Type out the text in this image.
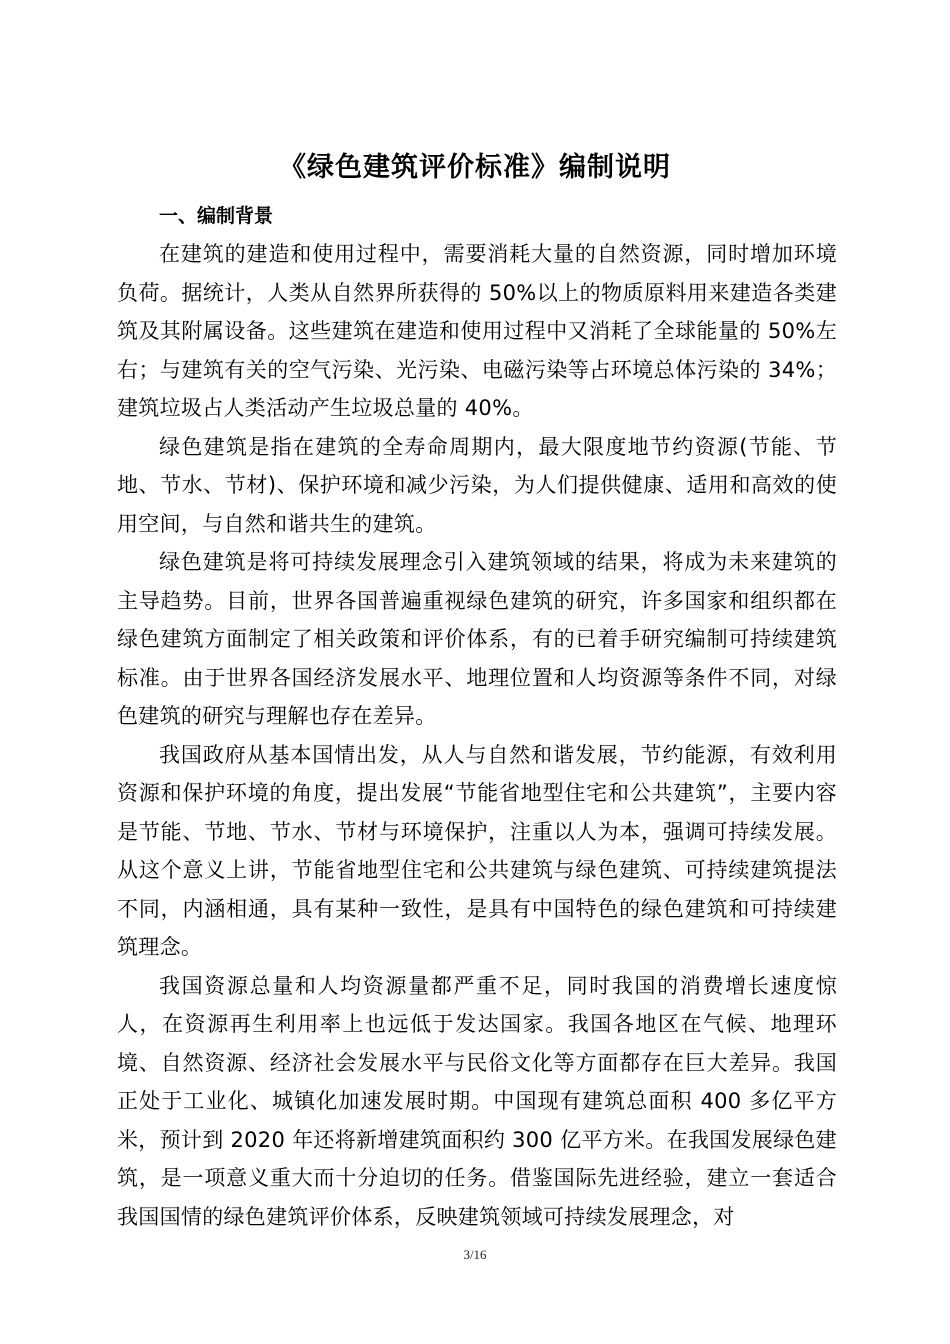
《绿色建筑评价标准》编制说明
一、编制背景

在建筑的建造和使用过程中，需要消耗大量的自然资源，同时增加环境负荷。据统计，人类从自然界所获得的 50%以上的物质原料用来建造各类建筑及其附属设备。这些建筑在建造和使用过程中又消耗了全球能量的 50%左右；与建筑有关的空气污染、光污染、电磁污染等占环境总体污染的 34%；建筑垃圾占人类活动产生垃圾总量的 40%。

绿色建筑是指在建筑的全寿命周期内，最大限度地节约资源(节能、节地、节水、节材)、保护环境和减少污染，为人们提供健康、适用和高效的使用空间，与自然和谐共生的建筑。

绿色建筑是将可持续发展理念引入建筑领域的结果，将成为未来建筑的主导趋势。目前，世界各国普遍重视绿色建筑的研究，许多国家和组织都在绿色建筑方面制定了相关政策和评价体系，有的已着手研究编制可持续建筑标准。由于世界各国经济发展水平、地理位置和人均资源等条件不同，对绿色建筑的研究与理解也存在差异。

我国政府从基本国情出发，从人与自然和谐发展，节约能源，有效利用资源和保护环境的角度，提出发展“节能省地型住宅和公共建筑”，主要内容是节能、节地、节水、节材与环境保护，注重以人为本，强调可持续发展。从这个意义上讲，节能省地型住宅和公共建筑与绿色建筑、可持续建筑提法不同，内涵相通，具有某种一致性，是具有中国特色的绿色建筑和可持续建筑理念。

我国资源总量和人均资源量都严重不足，同时我国的消费增长速度惊人，在资源再生利用率上也远低于发达国家。我国各地区在气候、地理环境、自然资源、经济社会发展水平与民俗文化等方面都存在巨大差异。我国正处于工业化、城镇化加速发展时期。中国现有建筑总面积 400 多亿平方米，预计到 2020 年还将新增建筑面积约 300 亿平方米。在我国发展绿色建筑，是一项意义重大而十分迫切的任务。借鉴国际先进经验，建立一套适合我国国情的绿色建筑评价体系，反映建筑领域可持续发展理念，对

3/16
